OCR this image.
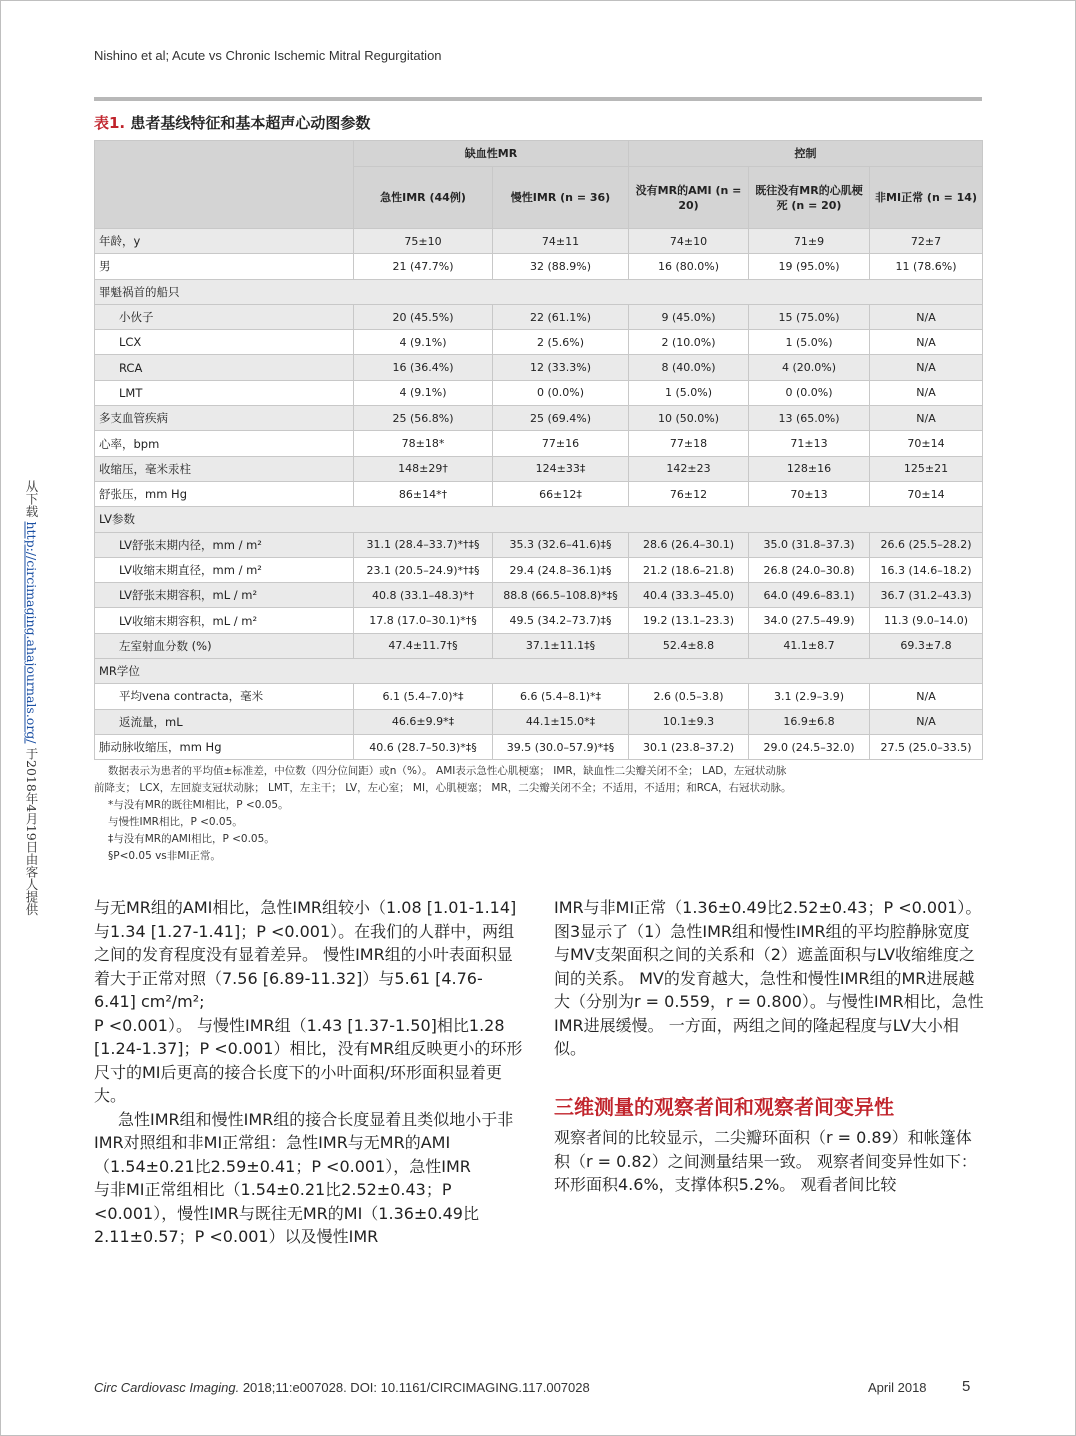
Nishino et al; Acute vs Chronic Ischemic Mitral Regurgitation
表1. 患者基线特征和基本超声心动图参数
	缺血性MR		控制		
	急性IMR (44例)	慢性IMR (n = 36)	没有MR的AMI (n = 20)	既往没有MR的心肌梗死 (n = 20)	非MI正常 (n = 14)
年龄，y	75±10	74±11	74±10	71±9	72±7
男	21 (47.7%)	32 (88.9%)	16 (80.0%)	19 (95.0%)	11 (78.6%)
罪魁祸首的船只					
小伙子	20 (45.5%)	22 (61.1%)	9 (45.0%)	15 (75.0%)	N/A
LCX	4 (9.1%)	2 (5.6%)	2 (10.0%)	1 (5.0%)	N/A
RCA	16 (36.4%)	12 (33.3%)	8 (40.0%)	4 (20.0%)	N/A
LMT	4 (9.1%)	0 (0.0%)	1 (5.0%)	0 (0.0%)	N/A
多支血管疾病	25 (56.8%)	25 (69.4%)	10 (50.0%)	13 (65.0%)	N/A
心率，bpm	78±18*	77±16	77±18	71±13	70±14
收缩压，毫米汞柱	148±29†	124±33‡	142±23	128±16	125±21
舒张压，mm Hg	86±14*†	66±12‡	76±12	70±13	70±14
LV参数					
LV舒张末期内径，mm / m²	31.1 (28.4–33.7)*†‡§	35.3 (32.6–41.6)‡§	28.6 (26.4–30.1)	35.0 (31.8–37.3)	26.6 (25.5–28.2)
LV收缩末期直径，mm / m²	23.1 (20.5–24.9)*†‡§	29.4 (24.8–36.1)‡§	21.2 (18.6–21.8)	26.8 (24.0–30.8)	16.3 (14.6–18.2)
LV舒张末期容积，mL / m²	40.8 (33.1–48.3)*†	88.8 (66.5–108.8)*‡§	40.4 (33.3–45.0)	64.0 (49.6–83.1)	36.7 (31.2–43.3)
LV收缩末期容积，mL / m²	17.8 (17.0–30.1)*†§	49.5 (34.2–73.7)‡§	19.2 (13.1–23.3)	34.0 (27.5–49.9)	11.3 (9.0–14.0)
左室射血分数 (%)	47.4±11.7†§	37.1±11.1‡§	52.4±8.8	41.1±8.7	69.3±7.8
MR学位					
平均vena contracta，毫米	6.1 (5.4–7.0)*‡	6.6 (5.4–8.1)*‡	2.6 (0.5–3.8)	3.1 (2.9–3.9)	N/A
返流量，mL	46.6±9.9*‡	44.1±15.0*‡	10.1±9.3	16.9±6.8	N/A
肺动脉收缩压，mm Hg	40.6 (28.7–50.3)*‡§	39.5 (30.0–57.9)*‡§	30.1 (23.8–37.2)	29.0 (24.5–32.0)	27.5 (25.0–33.5)
数据表示为患者的平均值±标准差，中位数（四分位间距）或n（%）。 AMI表示急性心肌梗塞； IMR，缺血性二尖瓣关闭不全； LAD，左冠状动脉
前降支； LCX，左回旋支冠状动脉； LMT，左主干； LV，左心室； MI，心肌梗塞； MR，二尖瓣关闭不全；不适用，不适用；和RCA，右冠状动脉。
*与没有MR的既往MI相比，P <0.05。
与慢性IMR相比，P <0.05。
‡与没有MR的AMI相比，P <0.05。
§P<0.05 vs非MI正常。

与无MR组的AMI相比，急性IMR组较小（1.08 [1.01-1.14]与1.34 [1.27-1.41]；P <0.001）。在我们的人群中，两组之间的发育程度没有显着差异。 慢性IMR组的小叶表面积显着大于正常对照（7.56 [6.89-11.32]）与5.61 [4.76-6.41] cm²/m²;

P <0.001）。 与慢性IMR组（1.43 [1.37-1.50]相比1.28 [1.24-1.37]；P <0.001）相比，没有MR组反映更小的环形尺寸的MI后更高的接合长度下的小叶面积/环形面积显着更大。

急性IMR组和慢性IMR组的接合长度显着且类似地小于非IMR对照组和非MI正常组：急性IMR与无MR的AMI（1.54±0.21比2.59±0.41；P <0.001），急性IMR

与非MI正常组相比（1.54±0.21比2.52±0.43；P <0.001），慢性IMR与既往无MR的MI（1.36±0.49比2.11±0.57；P <0.001）以及慢性IMR

IMR与非MI正常（1.36±0.49比2.52±0.43；P <0.001）。图3显示了（1）急性IMR组和慢性IMR组的平均腔静脉宽度与MV支架面积之间的关系和（2）遮盖面积与LV收缩维度之间的关系。 MV的发育越大，急性和慢性IMR组的MR进展越大（分别为r = 0.559，r = 0.800）。与慢性IMR相比，急性IMR进展缓慢。 一方面，两组之间的隆起程度与LV大小相似。

三维测量的观察者间和观察者间变异性

观察者间的比较显示，二尖瓣环面积（r = 0.89）和帐篷体积（r = 0.82）之间测量结果一致。 观察者间变异性如下：环形面积4.6%，支撑体积5.2%。 观看者间比较

从下载 http://circimaging.ahajournals.org/ 于2018年4月19日由客人提供
Circ Cardiovasc Imaging. 2018;11:e007028. DOI: 10.1161/CIRCIMAGING.117.007028	April 2018 5
